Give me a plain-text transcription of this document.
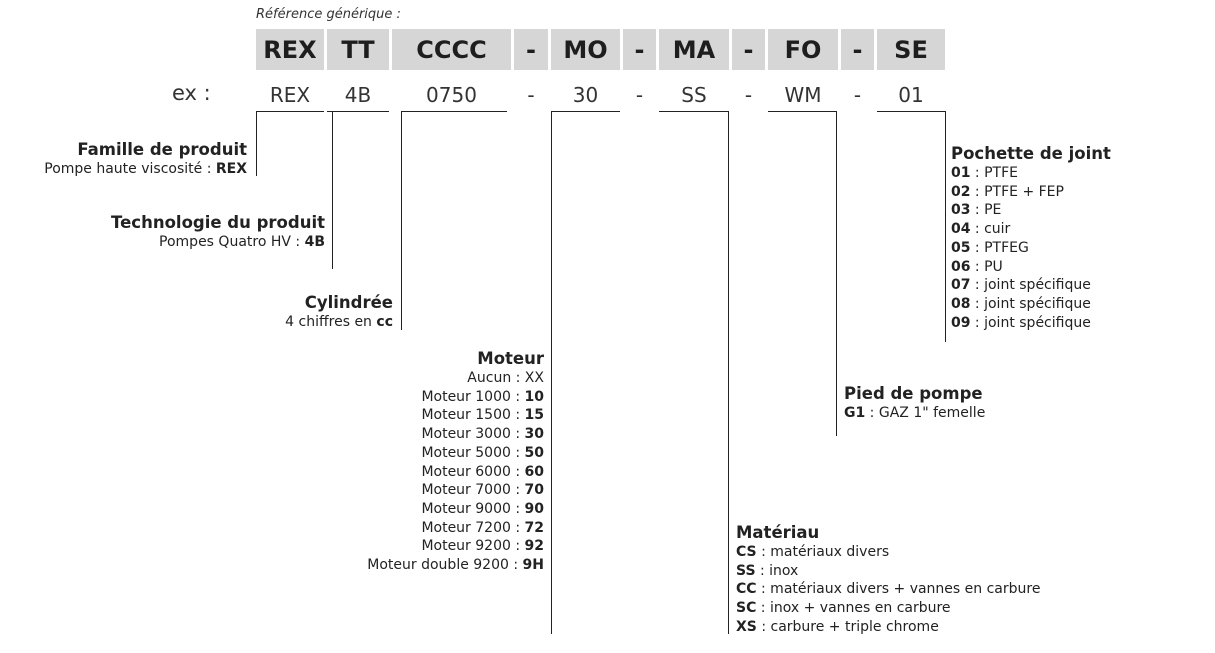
Référence générique :
REX	TT	CCCC	-	MO	-	MA	-	FO	-	SE
ex :	REX	4B	0750	-	30	-	SS	-	WM	-	01
Famille de produit
Pompe haute viscosité : REX
Technologie du produit
Pompes Quatro HV : 4B
Cylindrée
4 chiffres en cc
Moteur
Aucun : XX
Moteur 1000 : 10
Moteur 1500 : 15
Moteur 3000 : 30
Moteur 5000 : 50
Moteur 6000 : 60
Moteur 7000 : 70
Moteur 9000 : 90
Moteur 7200 : 72
Moteur 9200 : 92
Moteur double 9200 : 9H
Matériau
CS : matériaux divers
SS : inox
CC : matériaux divers + vannes en carbure
SC : inox + vannes en carbure
XS : carbure + triple chrome
Pied de pompe
G1 : GAZ 1" femelle
Pochette de joint
01 : PTFE
02 : PTFE + FEP
03 : PE
04 : cuir
05 : PTFEG
06 : PU
07 : joint spécifique
08 : joint spécifique
09 : joint spécifique
